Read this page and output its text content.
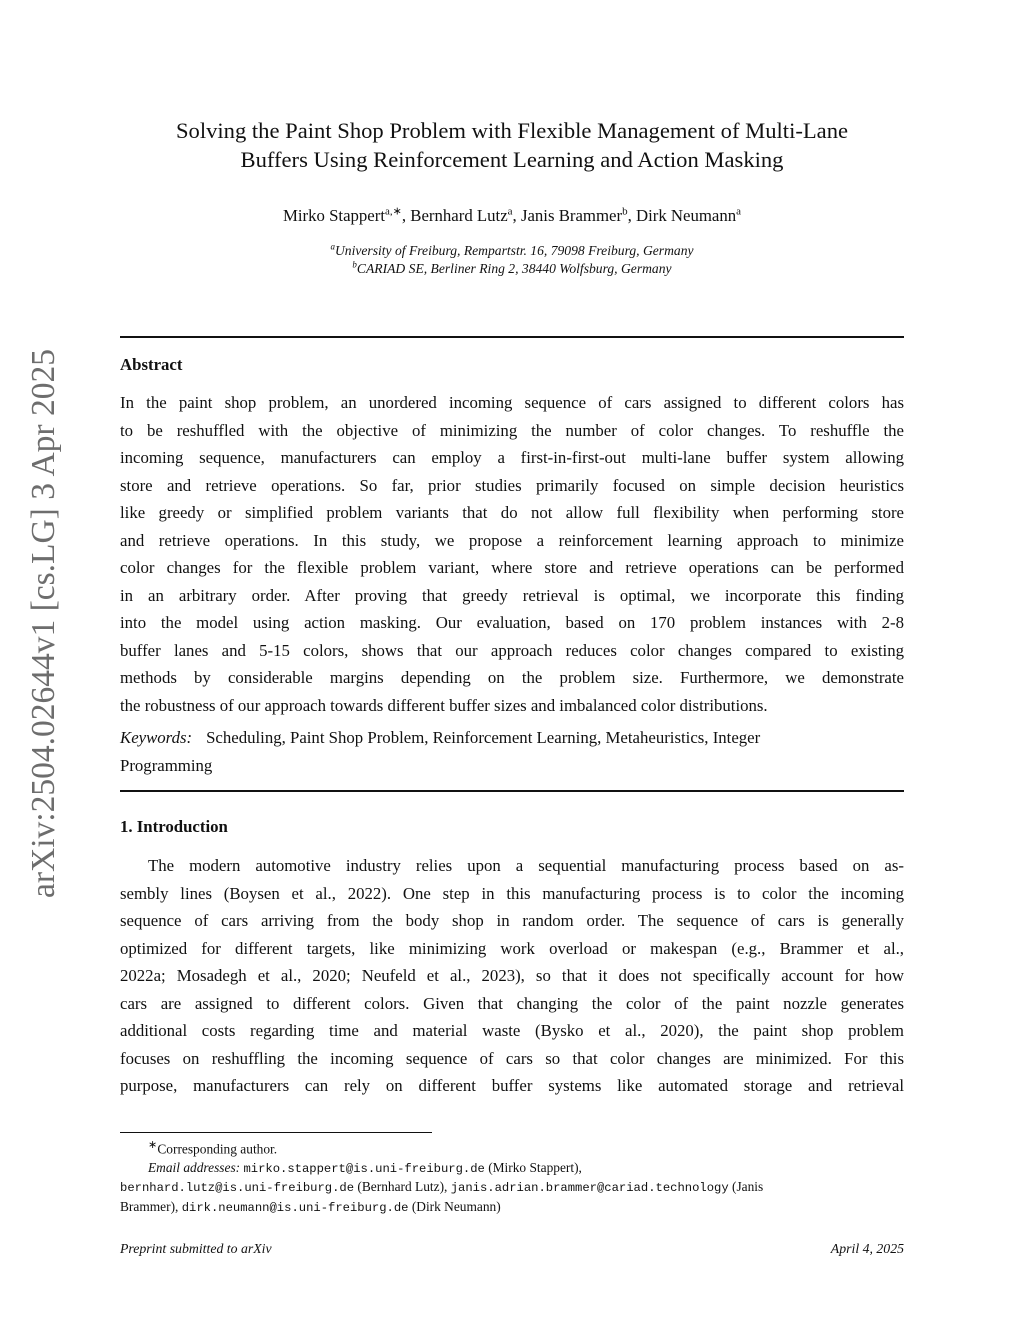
arXiv:2504.02644v1 [cs.LG] 3 Apr 2025
Solving the Paint Shop Problem with Flexible Management of Multi-Lane
Buffers Using Reinforcement Learning and Action Masking
Mirko Stappert$^{a,∗}$, Bernhard Lutz$^a$, Janis Brammer$^b$, Dirk Neumann$^a$
$^a$University of Freiburg, Rempartstr. 16, 79098 Freiburg, Germany
$^b$CARIAD SE, Berliner Ring 2, 38440 Wolfsburg, Germany
Abstract
In the paint shop problem, an unordered incoming sequence of cars assigned to different colors has
to be reshuffled with the objective of minimizing the number of color changes. To reshuffle the
incoming sequence, manufacturers can employ a first-in-first-out multi-lane buffer system allowing
store and retrieve operations. So far, prior studies primarily focused on simple decision heuristics
like greedy or simplified problem variants that do not allow full flexibility when performing store
and retrieve operations. In this study, we propose a reinforcement learning approach to minimize
color changes for the flexible problem variant, where store and retrieve operations can be performed
in an arbitrary order. After proving that greedy retrieval is optimal, we incorporate this finding
into the model using action masking. Our evaluation, based on 170 problem instances with 2-8
buffer lanes and 5-15 colors, shows that our approach reduces color changes compared to existing
methods by considerable margins depending on the problem size. Furthermore, we demonstrate
the robustness of our approach towards different buffer sizes and imbalanced color distributions.
Keywords: Scheduling, Paint Shop Problem, Reinforcement Learning, Metaheuristics, Integer
Programming
1. Introduction
The modern automotive industry relies upon a sequential manufacturing process based on as-
sembly lines (Boysen et al., 2022). One step in this manufacturing process is to color the incoming
sequence of cars arriving from the body shop in random order. The sequence of cars is generally
optimized for different targets, like minimizing work overload or makespan (e.g., Brammer et al.,
2022a; Mosadegh et al., 2020; Neufeld et al., 2023), so that it does not specifically account for how
cars are assigned to different colors. Given that changing the color of the paint nozzle generates
additional costs regarding time and material waste (Bysko et al., 2020), the paint shop problem
focuses on reshuffling the incoming sequence of cars so that color changes are minimized. For this
purpose, manufacturers can rely on different buffer systems like automated storage and retrieval
∗Corresponding author.
Email addresses: mirko.stappert@is.uni-freiburg.de (Mirko Stappert),
bernhard.lutz@is.uni-freiburg.de (Bernhard Lutz), janis.adrian.brammer@cariad.technology (Janis
Brammer), dirk.neumann@is.uni-freiburg.de (Dirk Neumann)
Preprint submitted to arXiv	April 4, 2025
